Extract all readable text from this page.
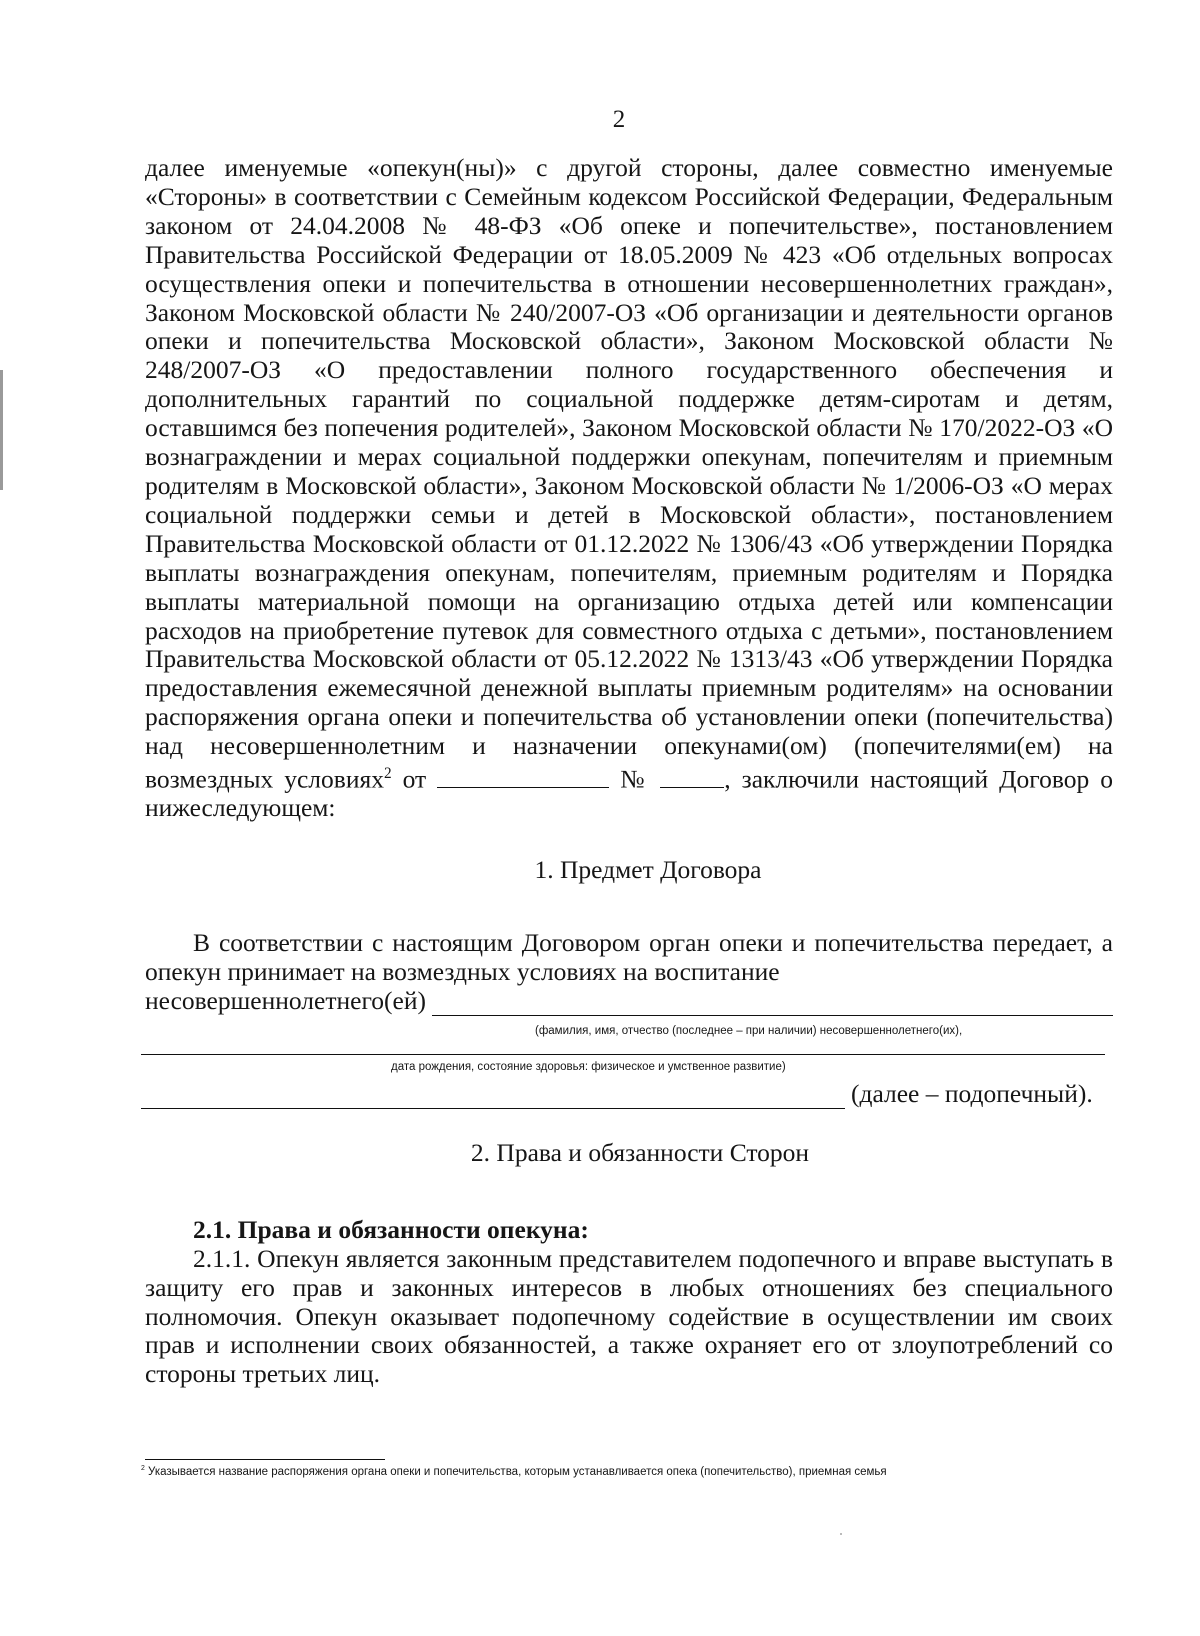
2

далее именуемые «опекун(ны)» с другой стороны, далее совместно именуемые «Стороны» в соответствии с Семейным кодексом Российской Федерации, Федеральным законом от 24.04.2008 № 48-ФЗ «Об опеке и попечительстве», постановлением Правительства Российской Федерации от 18.05.2009 № 423 «Об отдельных вопросах осуществления опеки и попечительства в отношении несовершеннолетних граждан», Законом Московской области № 240/2007-ОЗ «Об организации и деятельности органов опеки и попечительства Московской области», Законом Московской области № 248/2007-ОЗ «О предоставлении полного государственного обеспечения и дополнительных гарантий по социальной поддержке детям-сиротам и детям, оставшимся без попечения родителей», Законом Московской области № 170/2022-ОЗ «О вознаграждении и мерах социальной поддержки опекунам, попечителям и приемным родителям в Московской области», Законом Московской области № 1/2006-ОЗ «О мерах социальной поддержки семьи и детей в Московской области», постановлением Правительства Московской области от 01.12.2022 № 1306/43 «Об утверждении Порядка выплаты вознаграждения опекунам, попечителям, приемным родителям и Порядка выплаты материальной помощи на организацию отдыха детей или компенсации расходов на приобретение путевок для совместного отдыха с детьми», постановлением Правительства Московской области от 05.12.2022 № 1313/43 «Об утверждении Порядка предоставления ежемесячной денежной выплаты приемным родителям» на основании распоряжения органа опеки и попечительства об установлении опеки (попечительства) над несовершеннолетним и назначении опекунами(ом) (попечителями(ем) на возмездных условиях$^2$ от	№	, заключили настоящий Договор о нижеследующем:

1. Предмет Договора

В соответствии с настоящим Договором орган опеки и попечительства передает, а опекун принимает на возмездных условиях на воспитание

несовершеннолетнего(ей)
(фамилия, имя, отчество (последнее – при наличии) несовершеннолетнего(их),
дата рождения, состояние здоровья: физическое и умственное развитие)
(далее – подопечный).
2. Права и обязанности Сторон
2.1. Права и обязанности опекуна:

2.1.1. Опекун является законным представителем подопечного и вправе выступать в защиту его прав и законных интересов в любых отношениях без специального полномочия. Опекун оказывает подопечному содействие в осуществлении им своих прав и исполнении своих обязанностей, а также охраняет его от злоупотреблений со стороны третьих лиц.

$^2$ Указывается название распоряжения органа опеки и попечительства, которым устанавливается опека (попечительство), приемная семья
